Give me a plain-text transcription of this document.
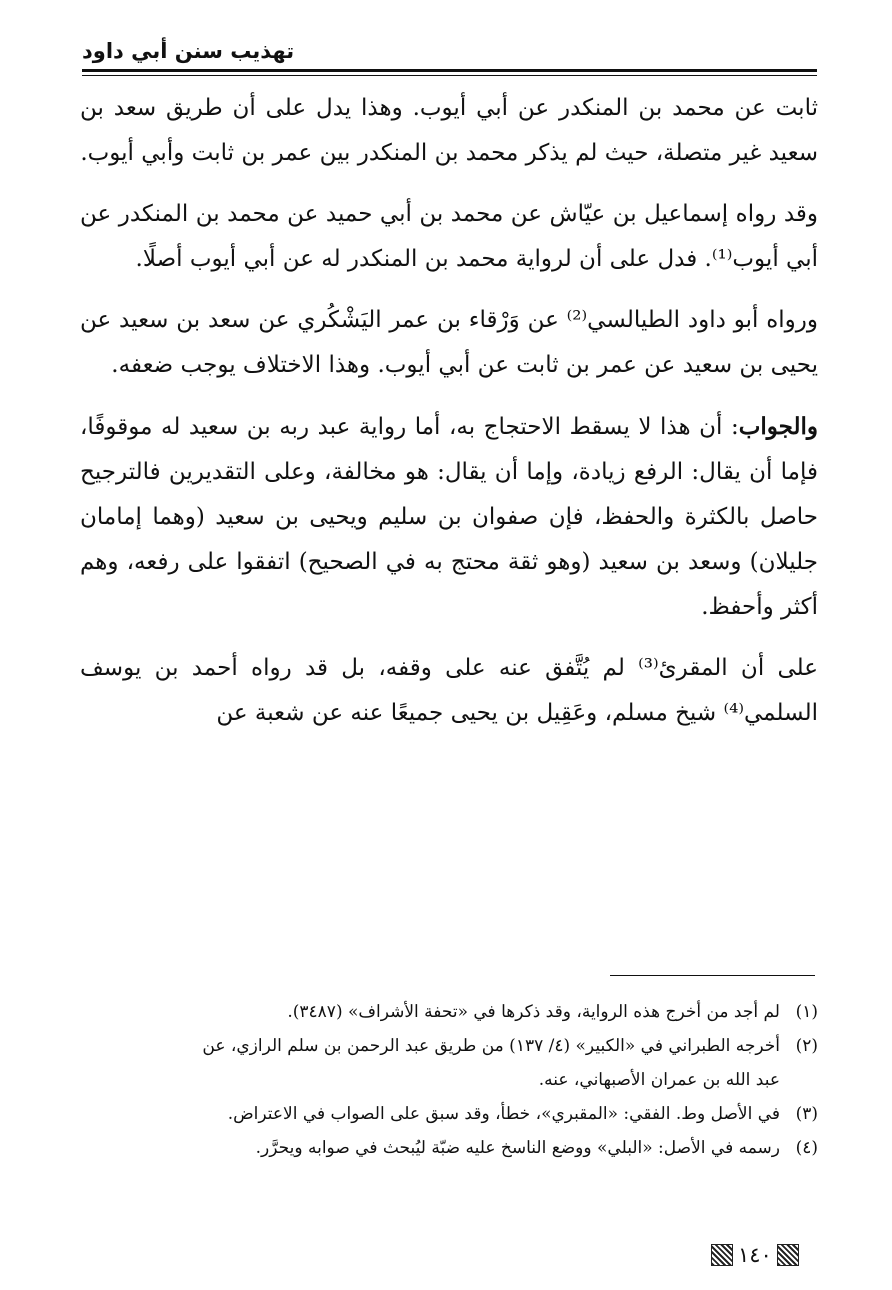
تهذيب سنن أبي داود

ثابت عن محمد بن المنكدر عن أبي أيوب. وهذا يدل على أن طريق سعد بن سعيد غير متصلة، حيث لم يذكر محمد بن المنكدر بين عمر بن ثابت وأبي أيوب.

وقد رواه إسماعيل بن عيّاش عن محمد بن أبي حميد عن محمد بن المنكدر عن أبي أيوب⁽¹⁾. فدل على أن لرواية محمد بن المنكدر له عن أبي أيوب أصلًا.

ورواه أبو داود الطيالسي⁽²⁾ عن وَرْقاء بن عمر اليَشْكُري عن سعد بن سعيد عن يحيى بن سعيد عن عمر بن ثابت عن أبي أيوب. وهذا الاختلاف يوجب ضعفه.

والجواب: أن هذا لا يسقط الاحتجاج به، أما رواية عبد ربه بن سعيد له موقوفًا، فإما أن يقال: الرفع زيادة، وإما أن يقال: هو مخالفة، وعلى التقديرين فالترجيح حاصل بالكثرة والحفظ، فإن صفوان بن سليم ويحيى بن سعيد (وهما إمامان جليلان) وسعد بن سعيد (وهو ثقة محتج به في الصحيح) اتفقوا على رفعه، وهم أكثر وأحفظ.

على أن المقرئ⁽³⁾ لم يُتَّفق عنه على وقفه، بل قد رواه أحمد بن يوسف السلمي⁽⁴⁾ شيخ مسلم، وعَقِيل بن يحيى جميعًا عنه عن شعبة عن

(١)لم أجد من أخرج هذه الرواية، وقد ذكرها في «تحفة الأشراف» (٣٤٨٧).

(٢)أخرجه الطبراني في «الكبير» (٤/ ١٣٧) من طريق عبد الرحمن بن سلم الرازي، عن
عبد الله بن عمران الأصبهاني، عنه.

(٣)في الأصل وط. الفقي: «المقبري»، خطأ، وقد سبق على الصواب في الاعتراض.

(٤)رسمه في الأصل: «البلي» ووضع الناسخ عليه ضبّة ليُبحث في صوابه ويحرَّر.

١٤٠
